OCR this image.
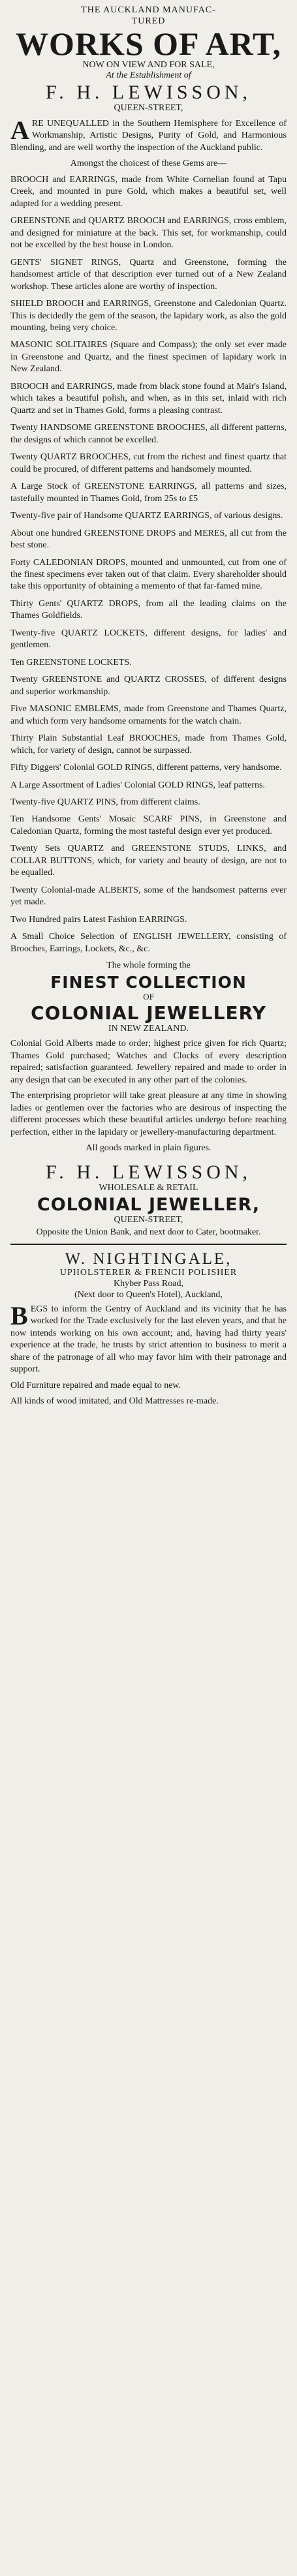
THE AUCKLAND MANUFAC-
TURED
WORKS OF ART,
NOW ON VIEW AND FOR SALE,
At the Establishment of
F. H. LEWISSON,
QUEEN-STREET,

A RE UNEQUALLED in the Southern Hemisphere for Excellence of Workmanship, Artistic Designs, Purity of Gold, and Harmonious Blending, and are well worthy the inspection of the Auckland public.

Amongst the choicest of these Gems are—

BROOCH and EARRINGS, made from White Cornelian found at Tapu Creek, and mounted in pure Gold, which makes a beautiful set, well adapted for a wedding present.

GREENSTONE and QUARTZ BROOCH and EARRINGS, cross emblem, and designed for miniature at the back. This set, for workmanship, could not be excelled by the best house in London.

GENTS' SIGNET RINGS, Quartz and Greenstone, forming the handsomest article of that description ever turned out of a New Zealand workshop. These articles alone are worthy of inspection.

SHIELD BROOCH and EARRINGS, Greenstone and Caledonian Quartz. This is decidedly the gem of the season, the lapidary work, as also the gold mounting, being very choice.

MASONIC SOLITAIRES (Square and Compass); the only set ever made in Greenstone and Quartz, and the finest specimen of lapidary work in New Zealand.

BROOCH and EARRINGS, made from black stone found at Mair's Island, which takes a beautiful polish, and when, as in this set, inlaid with rich Quartz and set in Thames Gold, forms a pleasing contrast.

Twenty HANDSOME GREENSTONE BROOCHES, all different patterns, the designs of which cannot be excelled.

Twenty QUARTZ BROOCHES, cut from the richest and finest quartz that could be procured, of different patterns and handsomely mounted.

A Large Stock of GREENSTONE EARRINGS, all patterns and sizes, tastefully mounted in Thames Gold, from 25s to £5

Twenty-five pair of Handsome QUARTZ EARRINGS, of various designs.

About one hundred GREENSTONE DROPS and MERES, all cut from the best stone.

Forty CALEDONIAN DROPS, mounted and unmounted, cut from one of the finest specimens ever taken out of that claim. Every shareholder should take this opportunity of obtaining a memento of that far-famed mine.

Thirty Gents' QUARTZ DROPS, from all the leading claims on the Thames Goldfields.

Twenty-five QUARTZ LOCKETS, different designs, for ladies' and gentlemen.

Ten GREENSTONE LOCKETS.

Twenty GREENSTONE and QUARTZ CROSSES, of different designs and superior workmanship.

Five MASONIC EMBLEMS, made from Greenstone and Thames Quartz, and which form very handsome ornaments for the watch chain.

Thirty Plain Substantial Leaf BROOCHES, made from Thames Gold, which, for variety of design, cannot be surpassed.

Fifty Diggers' Colonial GOLD RINGS, different patterns, very handsome.

A Large Assortment of Ladies' Colonial GOLD RINGS, leaf patterns.

Twenty-five QUARTZ PINS, from different claims.

Ten Handsome Gents' Mosaic SCARF PINS, in Greenstone and Caledonian Quartz, forming the most tasteful design ever yet produced.

Twenty Sets QUARTZ and GREENSTONE STUDS, LINKS, and COLLAR BUTTONS, which, for variety and beauty of design, are not to be equalled.

Twenty Colonial-made ALBERTS, some of the handsomest patterns ever yet made.

Two Hundred pairs Latest Fashion EARRINGS.

A Small Choice Selection of ENGLISH JEWELLERY, consisting of Brooches, Earrings, Lockets, &c., &c.

The whole forming the
FINEST COLLECTION
OF
COLONIAL JEWELLERY
IN NEW ZEALAND.

Colonial Gold Alberts made to order; highest price given for rich Quartz; Thames Gold purchased; Watches and Clocks of every description repaired; satisfaction guaranteed. Jewellery repaired and made to order in any design that can be executed in any other part of the colonies.

The enterprising proprietor will take great pleasure at any time in showing ladies or gentlemen over the factories who are desirous of inspecting the different processes which these beautiful articles undergo before reaching perfection, either in the lapidary or jewellery-manufacturing department.

All goods marked in plain figures.

F. H. LEWISSON,
WHOLESALE & RETAIL
COLONIAL JEWELLER,
QUEEN-STREET,
Opposite the Union Bank, and next door to Cater, bootmaker.
W. NIGHTINGALE,
UPHOLSTERER & FRENCH POLISHER
Khyber Pass Road,
(Next door to Queen's Hotel), Auckland,

B EGS to inform the Gentry of Auckland and its vicinity that he has worked for the Trade exclusively for the last eleven years, and that he now intends working on his own account; and, having had thirty years' experience at the trade, he trusts by strict attention to business to merit a share of the patronage of all who may favor him with their patronage and support.

Old Furniture repaired and made equal to new.

All kinds of wood imitated, and Old Mattresses re-made.
